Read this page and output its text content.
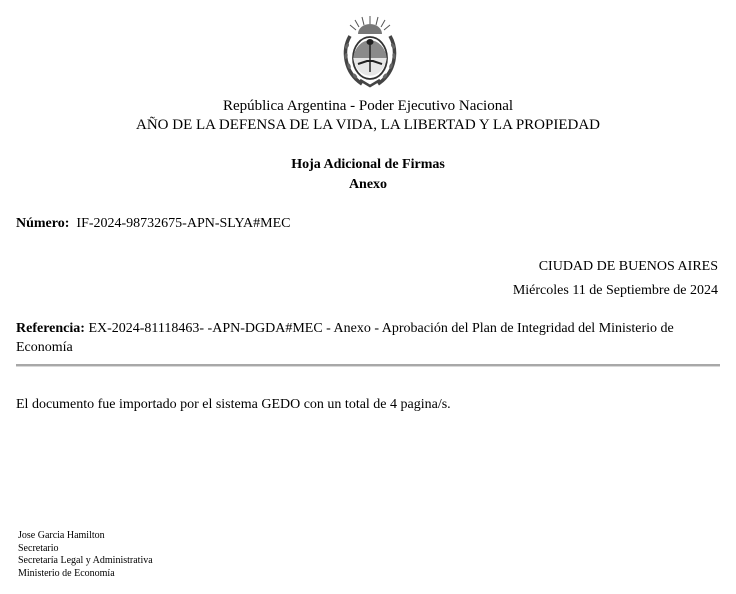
República Argentina - Poder Ejecutivo Nacional
AÑO DE LA DEFENSA DE LA VIDA, LA LIBERTAD Y LA PROPIEDAD
Hoja Adicional de Firmas
Anexo
Número: IF-2024-98732675-APN-SLYA#MEC
CIUDAD DE BUENOS AIRES
Miércoles 11 de Septiembre de 2024
Referencia: EX-2024-81118463- -APN-DGDA#MEC - Anexo - Aprobación del Plan de Integridad del Ministerio de Economía
El documento fue importado por el sistema GEDO con un total de 4 pagina/s.
Jose Garcia Hamilton
Secretario
Secretaría Legal y Administrativa
Ministerio de Economía
